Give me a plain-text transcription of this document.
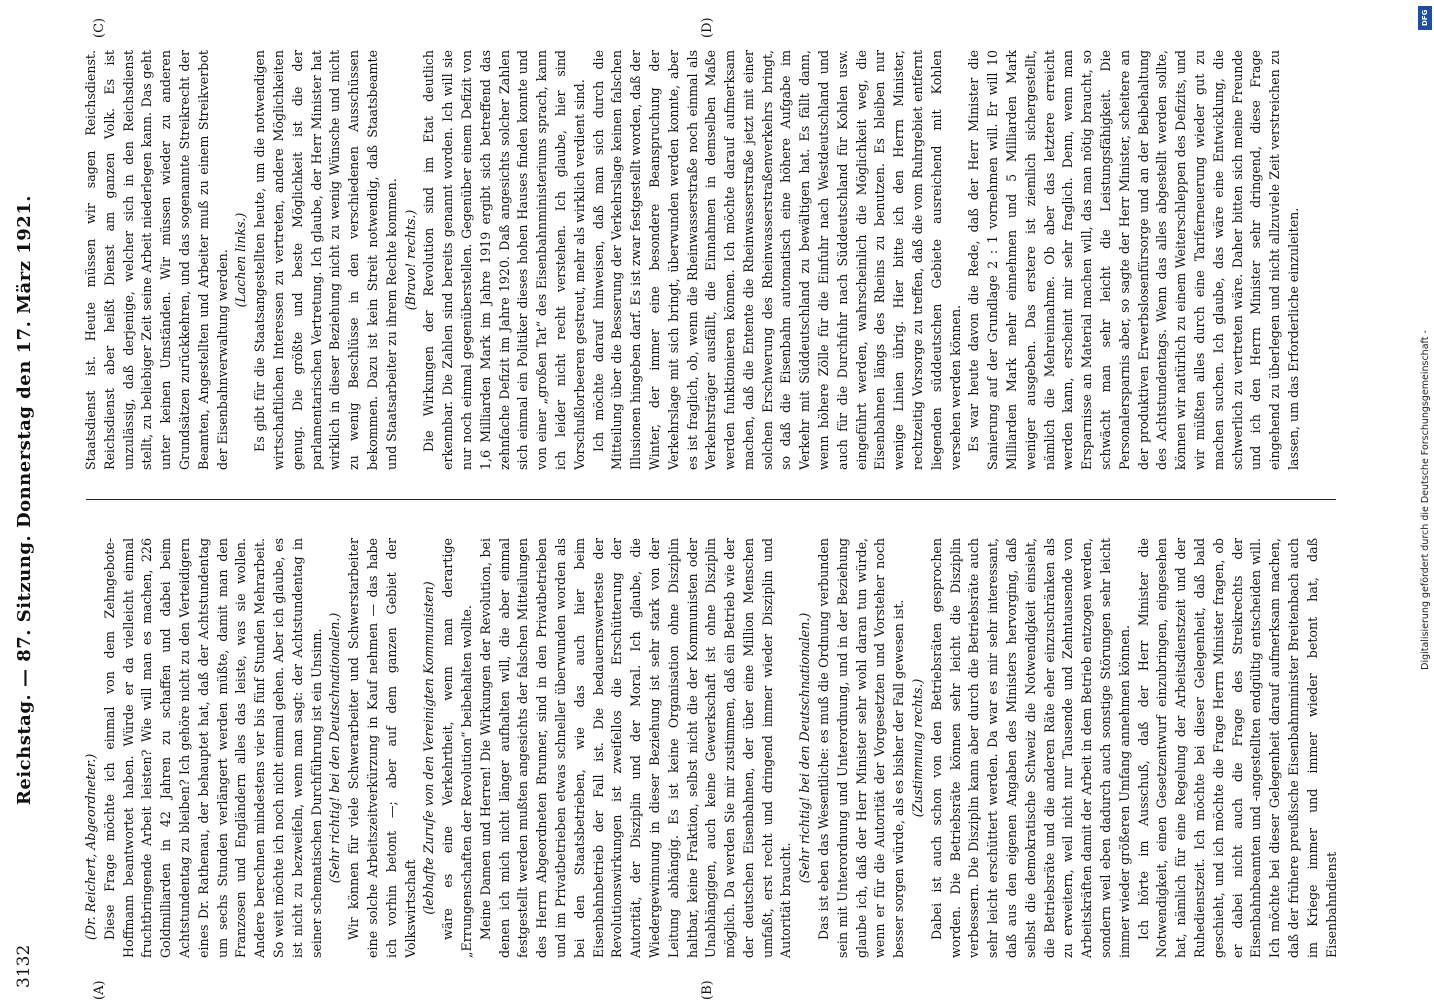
3132
Reichstag. — 87. Sitzung. Donnerstag den 17. März 1921.
(A)	(B)
(C)	(D)

(Dr. Reichert, Abgeordneter.) Diese Frage möchte ich einmal von dem Zehngebote-Hoffmann beantwortet haben. Würde er da vielleicht einmal fruchtbringende Arbeit leisten? Wie will man es machen, 226 Goldmilliarden in 42 Jahren zu schaffen und dabei beim Achtstundentag zu bleiben? Ich gehöre nicht zu den Verteidigern eines Dr. Rathenau, der behauptet hat, daß der Achtstundentag um sechs Stunden verlängert werden müßte, damit man den Franzosen und Engländern alles das leiste, was sie wollen. Andere berechnen mindestens vier bis fünf Stunden Mehrarbeit. So weit möchte ich noch nicht einmal gehen. Aber ich glaube, es ist nicht zu bezweifeln, wenn man sagt: der Achtstundentag in seiner schematischen Durchführung ist ein Unsinn. (Sehr richtig! bei den Deutschnationalen.) Wir können für viele Schwerarbeiter und Schwerstarbeiter eine solche Arbeitszeitverkürzung in Kauf nehmen — das habe ich vorhin betont —; aber auf dem ganzen Gebiet der Volkswirtschaft (lebhafte Zurufe von den Vereinigten Kommunisten) wäre es eine Verkehrtheit, wenn man derartige „Errungenschaften der Revolution“ beibehalten wollte. Meine Damen und Herren! Die Wirkungen der Revolution, bei denen ich mich nicht länger aufhalten will, die aber einmal festgestellt werden mußten angesichts der falschen Mitteilungen des Herrn Abgeordneten Brunner, sind in den Privatbetrieben und im Privatbetrieben etwas schneller überwunden worden als bei den Staatsbetrieben, wie das auch hier beim Eisenbahnbetrieb der Fall ist. Die bedauernswerteste der Revolutionswirkungen ist zweifellos die Erschütterung der Autorität, der Disziplin und der Moral. Ich glaube, die Wiedergewinnung in dieser Beziehung ist sehr stark von der Leitung abhängig. Es ist keine Organisation ohne Disziplin haltbar, keine Fraktion, selbst nicht die der Kommunisten oder Unabhängigen, auch keine Gewerkschaft ist ohne Disziplin möglich. Da werden Sie mir zustimmen, daß ein Betrieb wie der der deutschen Eisenbahnen, der über eine Million Menschen umfaßt, erst recht und dringend immer wieder Disziplin und Autorität braucht.

(Sehr richtig! bei den Deutschnationalen.) Das ist eben das Wesentliche: es muß die Ordnung verbunden sein mit Unterordnung und Unterordnung, und in der Beziehung glaube ich, daß der Herr Minister sehr wohl daran tun würde, wenn er für die Autorität der Vorgesetzten und Vorsteher noch besser sorgen würde, als es bisher der Fall gewesen ist. (Zustimmung rechts.) Dabei ist auch schon von den Betriebsräten gesprochen worden. Die Betriebsräte können sehr leicht die Disziplin verbessern. Die Disziplin kann aber durch die Betriebsräte auch sehr leicht erschüttert werden. Da war es mir sehr interessant, daß aus den eigenen Angaben des Ministers hervorging, daß selbst die demokratische Schweiz die Notwendigkeit einsieht, die Betriebsräte und die anderen Räte eher einzuschränken als zu erweitern, weil nicht nur Tausende und Zehntausende von Arbeitskräften damit der Arbeit in dem Betrieb entzogen werden, sondern weil eben dadurch auch sonstige Störungen sehr leicht immer wieder größeren Umfang annehmen können. Ich hörte im Ausschuß, daß der Herr Minister die Notwendigkeit, einen Gesetzentwurf einzubringen, eingesehen hat, nämlich für eine Regelung der Arbeitsdienstzeit und der Ruhedienstzeit. Ich möchte bei dieser Gelegenheit, daß bald geschieht, und ich möchte die Frage Herrn Minister fragen, ob er dabei nicht auch die Frage des Streikrechts der Eisenbahnbeamten und -angestellten endgültig entscheiden will. Ich möchte bei dieser Gelegenheit darauf aufmerksam machen, daß der frühere preußische Eisenbahnminister Breitenbach auch im Kriege immer und immer wieder betont hat, daß Eisenbahndienst

Staatsdienst ist. Heute müssen wir sagen Reichsdienst. Reichsdienst aber heißt Dienst am ganzen Volk. Es ist unzulässig, daß derjenige, welcher sich in den Reichsdienst stellt, zu beliebiger Zeit seine Arbeit niederlegen kann. Das geht unter keinen Umständen. Wir müssen wieder zu anderen Grundsätzen zurückkehren, und das sogenannte Streikrecht der Beamten, Angestellten und Arbeiter muß zu einem Streikverbot der Eisenbahnverwaltung werden. (Lachen links.) Es gibt für die Staatsangestellten heute, um die notwendigen wirtschaftlichen Interessen zu vertreten, andere Möglichkeiten genug. Die größte und beste Möglichkeit ist die der parlamentarischen Vertretung. Ich glaube, der Herr Minister hat wirklich in dieser Beziehung nicht zu wenig Wünsche und nicht zu wenig Beschlüsse in den verschiedenen Ausschüssen bekommen. Dazu ist kein Streit notwendig, daß Staatsbeamte und Staatsarbeiter zu ihrem Rechte kommen. (Bravo! rechts.) Die Wirkungen der Revolution sind im Etat deutlich erkennbar. Die Zahlen sind bereits genannt worden. Ich will sie nur noch einmal gegenüberstellen. Gegenüber einem Defizit von 1,6 Milliarden Mark im Jahre 1919 ergibt sich betreffend das zehnfache Defizit im Jahre 1920. Daß angesichts solcher Zahlen sich einmal ein Politiker dieses hohen Hauses finden konnte und von einer „großen Tat“ des Eisenbahnministeriums sprach, kann ich leider nicht recht verstehen. Ich glaube, hier sind Vorschußlorbeeren gestreut, mehr als wirklich verdient sind. Ich möchte darauf hinweisen, daß man sich durch die Mitteilung über die Besserung der Verkehrslage keinen falschen Illusionen hingeben darf. Es ist zwar festgestellt worden, daß der Winter, der immer eine besondere Beanspruchung der Verkehrslage mit sich bringt, überwunden werden konnte, aber es ist fraglich, ob, wenn die Rheinwasserstraße noch einmal als Verkehrsträger ausfällt, die Einnahmen in demselben Maße werden funktionieren können. Ich möchte darauf aufmerksam machen, daß die Entente die Rheinwasserstraße jetzt mit einer solchen Erschwerung des Rheinwasserstraßenverkehrs bringt, so daß die Eisenbahn automatisch eine höhere Aufgabe im Verkehr mit Süddeutschland zu bewältigen hat. Es fällt dann, wenn höhere Zölle für die Einfuhr nach Westdeutschland und auch für die Durchfuhr nach Süddeutschland für Kohlen usw. eingeführt werden, wahrscheinlich die Möglichkeit weg, die Eisenbahnen längs des Rheins zu benutzen. Es bleiben nur wenige Linien übrig. Hier bitte ich den Herrn Minister, rechtzeitig Vorsorge zu treffen, daß die vom Ruhrgebiet entfernt liegenden süddeutschen Gebiete ausreichend mit Kohlen versehen werden können. Es war heute davon die Rede, daß der Herr Minister die Sanierung auf der Grundlage 2 : 1 vornehmen will. Er will 10 Milliarden Mark mehr einnehmen und 5 Milliarden Mark weniger ausgeben. Das erstere ist ziemlich sichergestellt, nämlich die Mehreinnahme. Ob aber das letztere erreicht werden kann, erscheint mir sehr fraglich. Denn, wenn man Ersparnisse an Material machen will, das man nötig braucht, so schwächt man sehr leicht die Leistungsfähigkeit. Die Personalersparnis aber, so sagte der Herr Minister, scheitere an der produktiven Erwerbslosenfürsorge und an der Beibehaltung des Achtstundentags. Wenn das alles abgestellt werden sollte, können wir natürlich zu einem Weiterschleppen des Defizits, und wir müßten alles durch eine Tariferneuerung wieder gut zu machen suchen. Ich glaube, das wäre eine Entwicklung, die schwerlich zu vertreten wäre. Daher bitten sich meine Freunde und ich den Herrn Minister sehr dringend, diese Frage eingehend zu überlegen und nicht allzuviele Zeit verstreichen zu lassen, um das Erforderliche einzuleiten.	Digitalisierung gefördert durch die Deutsche Forschungsgemeinschaft -
DFG
